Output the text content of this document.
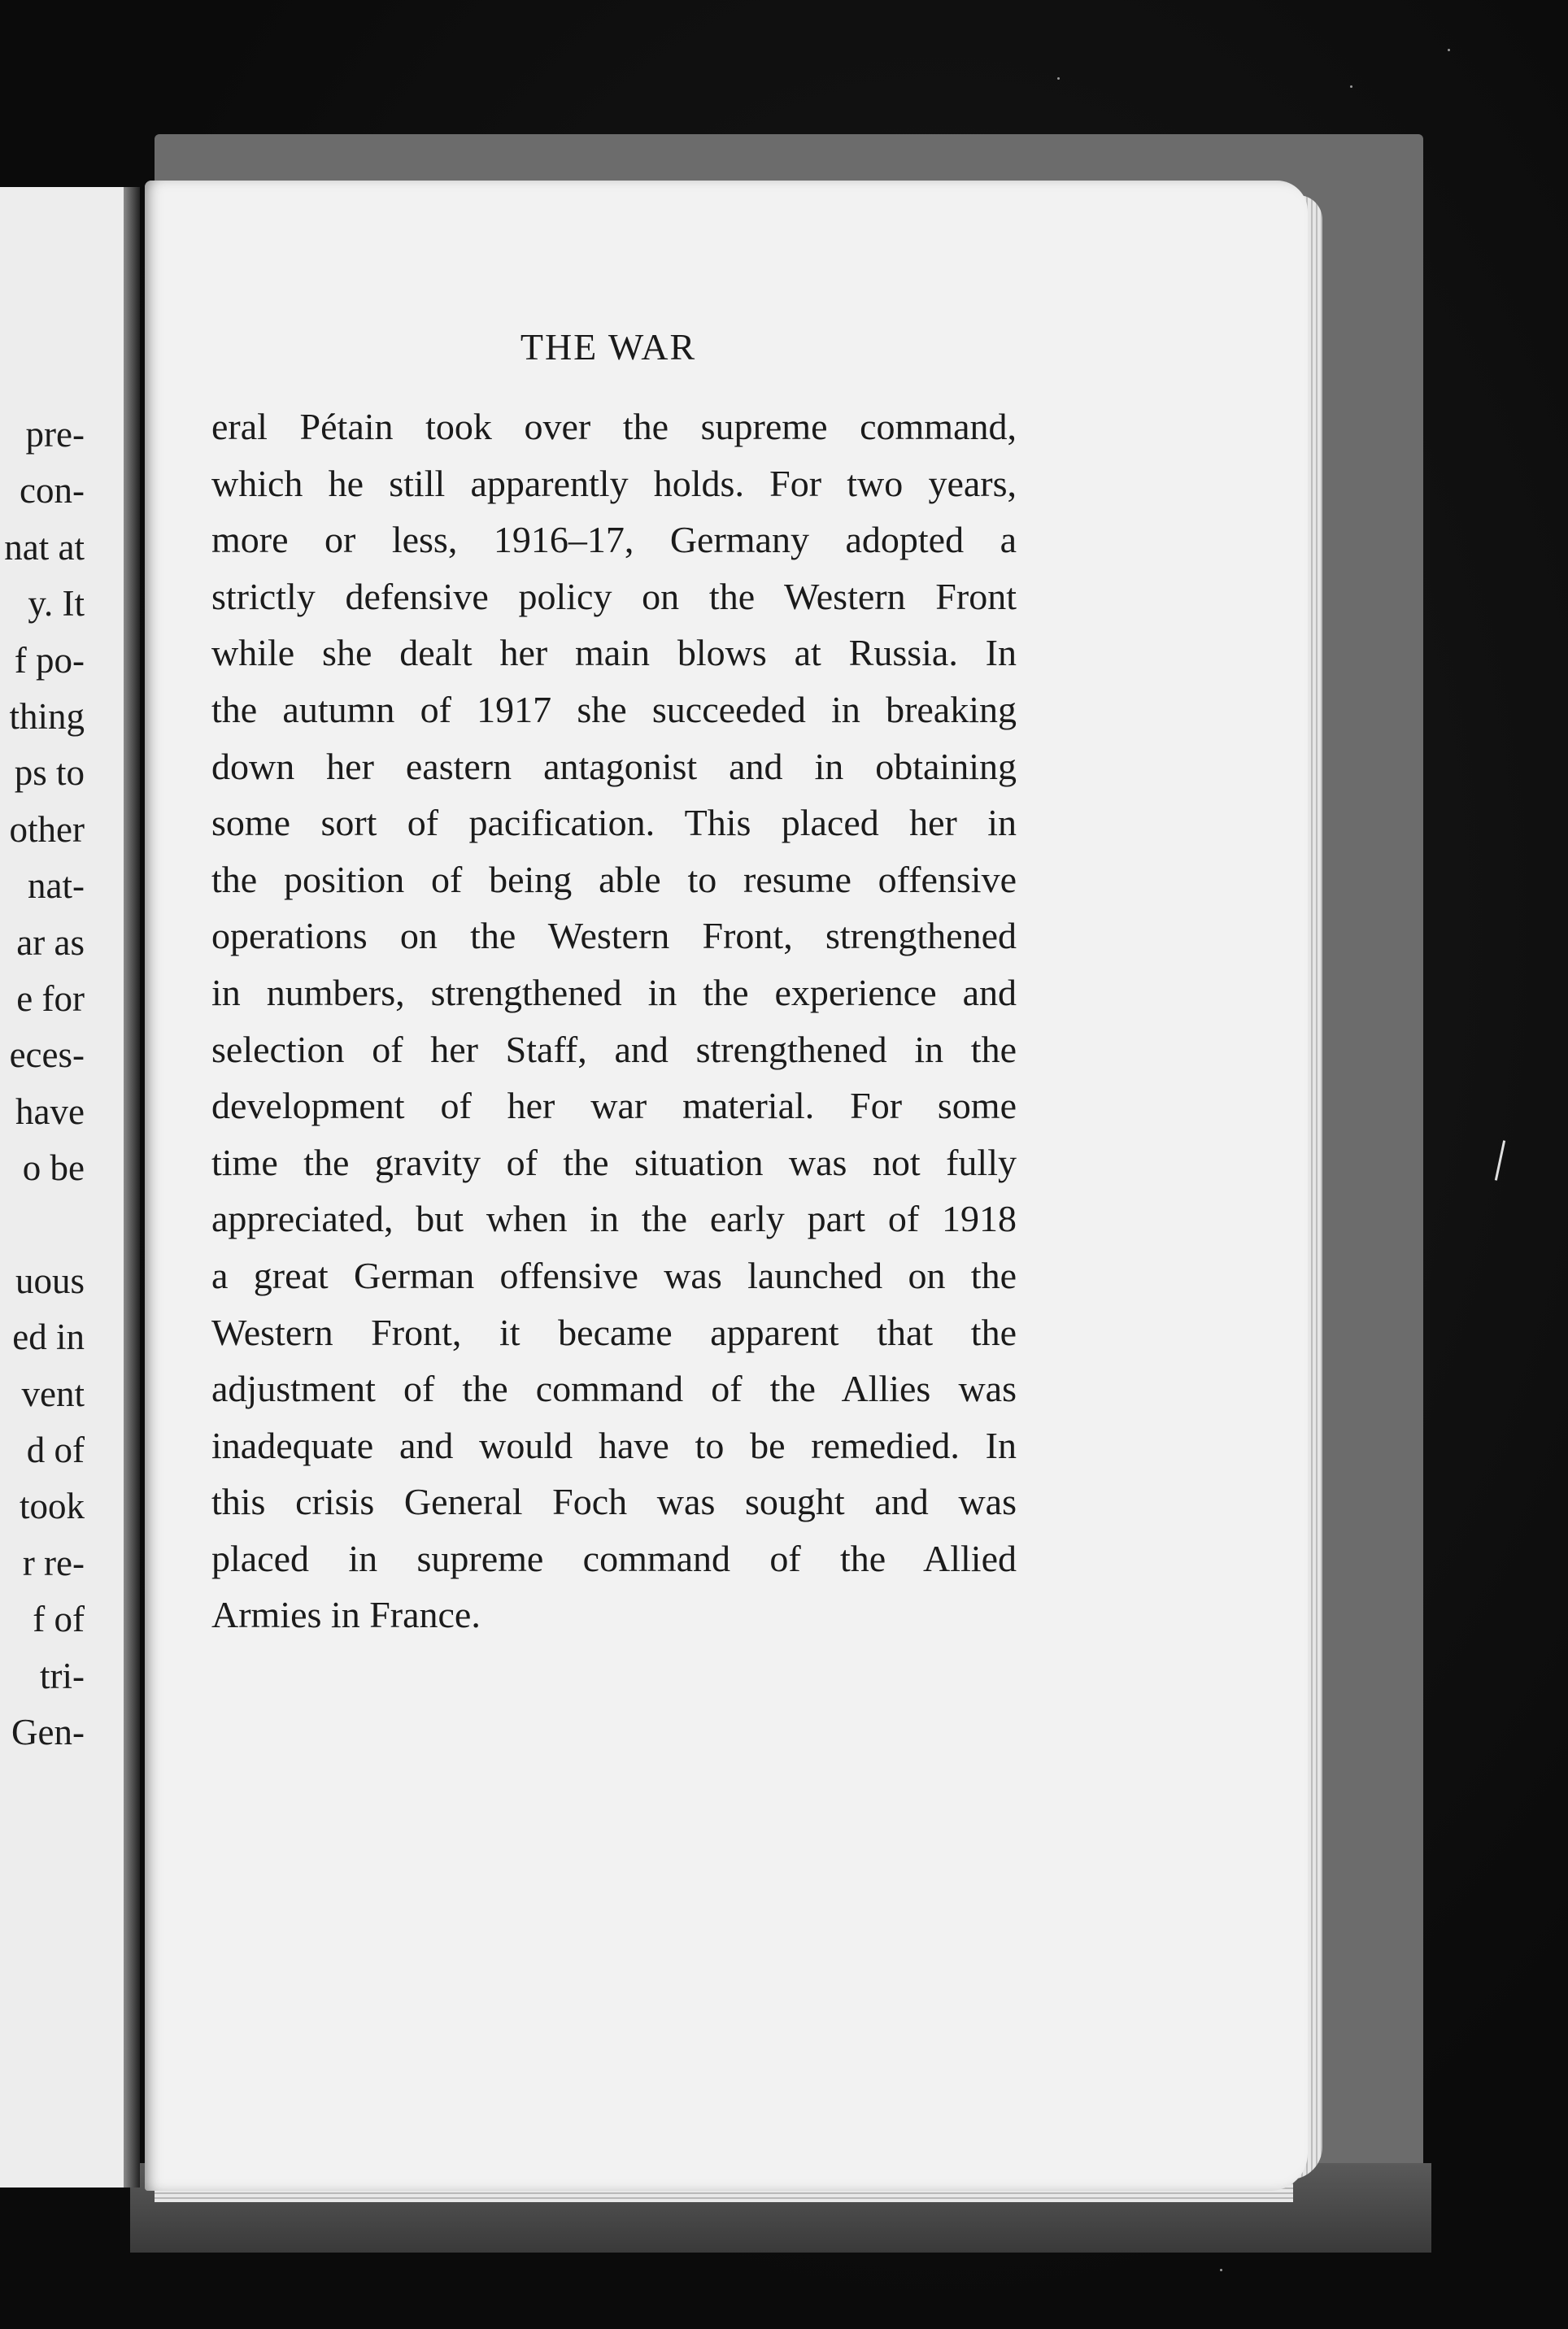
pre-
con-
nat at
y. It
f po-
thing
ps to
other
nat-
ar as
e for
eces-
have
o be
uous
ed in
vent
d of
took
r re-
f of
tri-
Gen-
THE WAR
eral Pétain took over the supreme command,
which he still apparently holds. For two years,
more or less, 1916–17, Germany adopted a
strictly defensive policy on the Western Front
while she dealt her main blows at Russia. In
the autumn of 1917 she succeeded in breaking
down her eastern antagonist and in obtaining
some sort of pacification. This placed her in
the position of being able to resume offensive
operations on the Western Front, strengthened
in numbers, strengthened in the experience and
selection of her Staff, and strengthened in the
development of her war material. For some
time the gravity of the situation was not fully
appreciated, but when in the early part of 1918
a great German offensive was launched on the
Western Front, it became apparent that the
adjustment of the command of the Allies was
inadequate and would have to be remedied. In
this crisis General Foch was sought and was
placed in supreme command of the Allied
Armies in France.
